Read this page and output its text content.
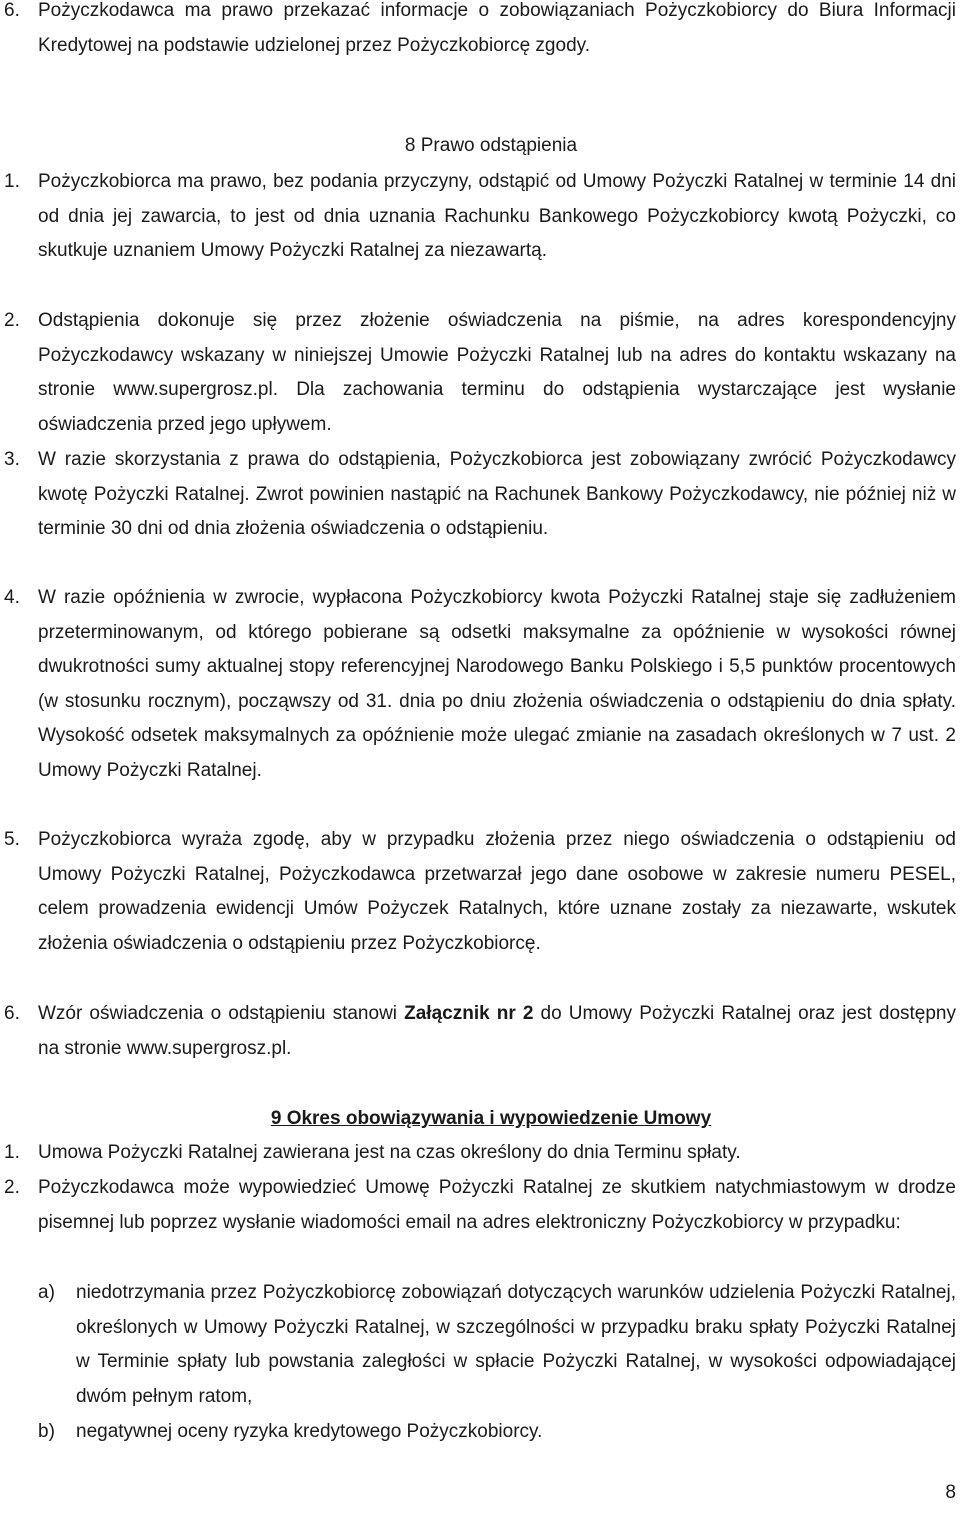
6. Pożyczkodawca ma prawo przekazać informacje o zobowiązaniach Pożyczkobiorcy do Biura Informacji Kredytowej na podstawie udzielonej przez Pożyczkobiorcę zgody.
8 Prawo odstąpienia
1. Pożyczkobiorca ma prawo, bez podania przyczyny, odstąpić od Umowy Pożyczki Ratalnej w terminie 14 dni od dnia jej zawarcia, to jest od dnia uznania Rachunku Bankowego Pożyczkobiorcy kwotą Pożyczki, co skutkuje uznaniem Umowy Pożyczki Ratalnej za niezawartą.
2. Odstąpienia dokonuje się przez złożenie oświadczenia na piśmie, na adres korespondencyjny Pożyczkodawcy wskazany w niniejszej Umowie Pożyczki Ratalnej lub na adres do kontaktu wskazany na stronie www.supergrosz.pl. Dla zachowania terminu do odstąpienia wystarczające jest wysłanie oświadczenia przed jego upływem.
3. W razie skorzystania z prawa do odstąpienia, Pożyczkobiorca jest zobowiązany zwrócić Pożyczkodawcy kwotę Pożyczki Ratalnej. Zwrot powinien nastąpić na Rachunek Bankowy Pożyczkodawcy, nie później niż w terminie 30 dni od dnia złożenia oświadczenia o odstąpieniu.
4. W razie opóźnienia w zwrocie, wypłacona Pożyczkobiorcy kwota Pożyczki Ratalnej staje się zadłużeniem przeterminowanym, od którego pobierane są odsetki maksymalne za opóźnienie w wysokości równej dwukrotności sumy aktualnej stopy referencyjnej Narodowego Banku Polskiego i 5,5 punktów procentowych (w stosunku rocznym), począwszy od 31. dnia po dniu złożenia oświadczenia o odstąpieniu do dnia spłaty. Wysokość odsetek maksymalnych za opóźnienie może ulegać zmianie na zasadach określonych w 7 ust. 2 Umowy Pożyczki Ratalnej.
5. Pożyczkobiorca wyraża zgodę, aby w przypadku złożenia przez niego oświadczenia o odstąpieniu od Umowy Pożyczki Ratalnej, Pożyczkodawca przetwarzał jego dane osobowe w zakresie numeru PESEL, celem prowadzenia ewidencji Umów Pożyczek Ratalnych, które uznane zostały za niezawarte, wskutek złożenia oświadczenia o odstąpieniu przez Pożyczkobiorcę.
6. Wzór oświadczenia o odstąpieniu stanowi Załącznik nr 2 do Umowy Pożyczki Ratalnej oraz jest dostępny na stronie www.supergrosz.pl.
9 Okres obowiązywania i wypowiedzenie Umowy
1. Umowa Pożyczki Ratalnej zawierana jest na czas określony do dnia Terminu spłaty.
2. Pożyczkodawca może wypowiedzieć Umowę Pożyczki Ratalnej ze skutkiem natychmiastowym w drodze pisemnej lub poprzez wysłanie wiadomości email na adres elektroniczny Pożyczkobiorcy w przypadku:
a) niedotrzymania przez Pożyczkobiorcę zobowiązań dotyczących warunków udzielenia Pożyczki Ratalnej, określonych w Umowy Pożyczki Ratalnej, w szczególności w przypadku braku spłaty Pożyczki Ratalnej w Terminie spłaty lub powstania zaległości w spłacie Pożyczki Ratalnej, w wysokości odpowiadającej dwóm pełnym ratom,
b) negatywnej oceny ryzyka kredytowego Pożyczkobiorcy.
8
